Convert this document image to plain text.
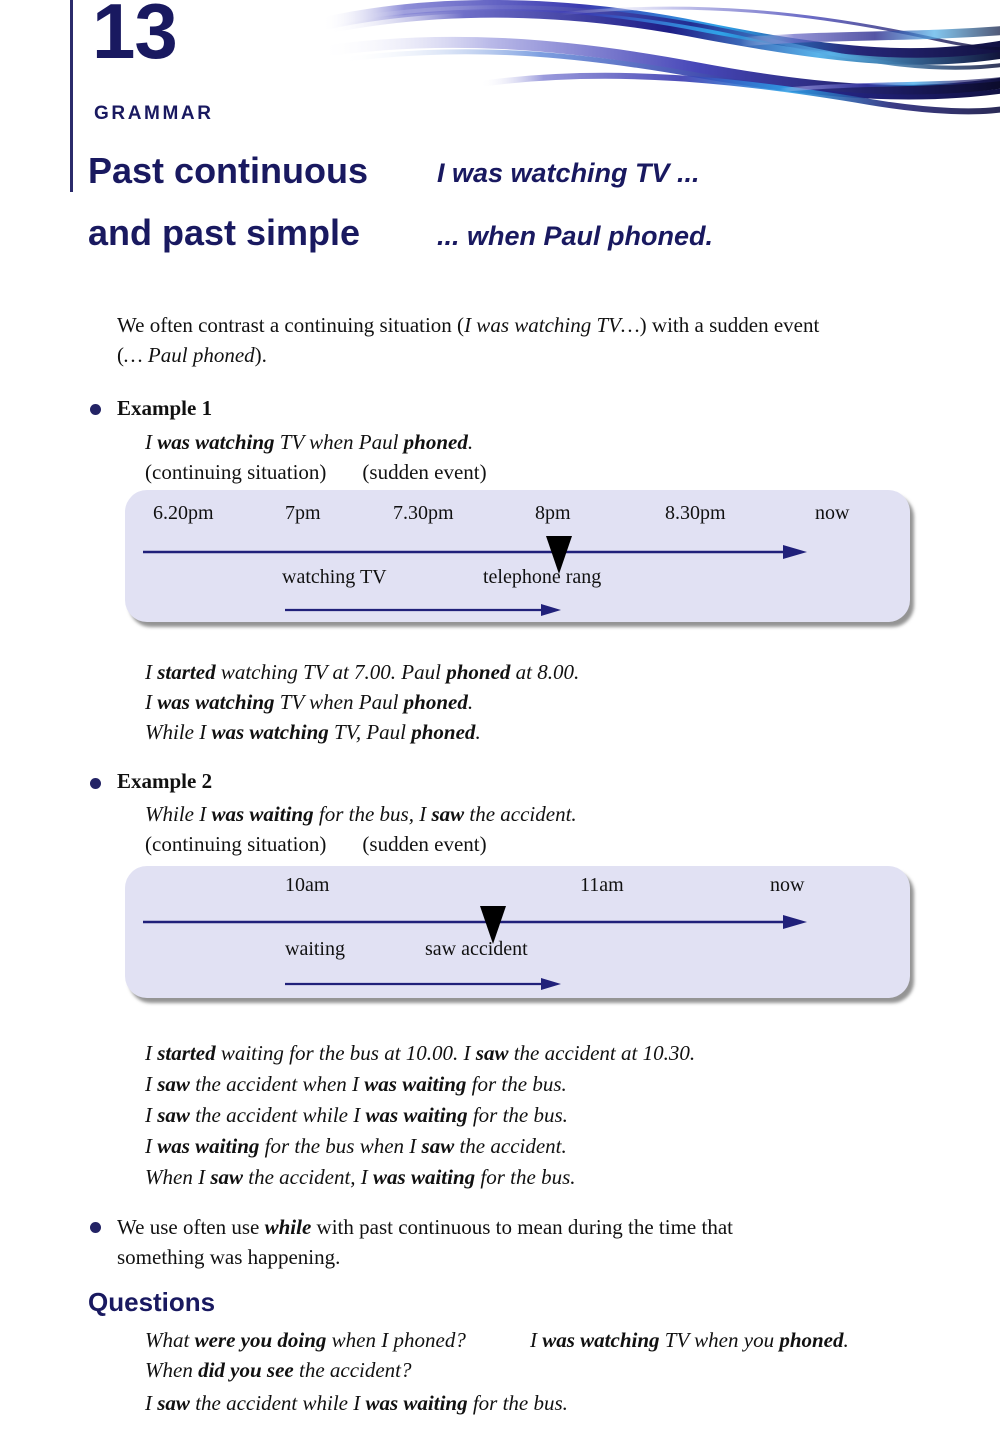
13
GRAMMAR
Past continuous
and past simple
I was watching TV ...
... when Paul phoned.
We often contrast a continuing situation (I was watching TV…) with a sudden event
(… Paul phoned).
Example 1
I was watching TV when Paul phoned.
(continuing situation) (sudden event)
6.20pm	7pm	7.30pm	8pm	8.30pm	now
watching TV	telephone rang
I started watching TV at 7.00. Paul phoned at 8.00.
I was watching TV when Paul phoned.
While I was watching TV, Paul phoned.
Example 2
While I was waiting for the bus, I saw the accident.
(continuing situation) (sudden event)
10am	11am	now
waiting	saw accident
I started waiting for the bus at 10.00. I saw the accident at 10.30.
I saw the accident when I was waiting for the bus.
I saw the accident while I was waiting for the bus.
I was waiting for the bus when I saw the accident.
When I saw the accident, I was waiting for the bus.
We use often use while with past continuous to mean during the time that
something was happening.
Questions
What were you doing when I phoned?	I was watching TV when you phoned.
When did you see the accident?
I saw the accident while I was waiting for the bus.
